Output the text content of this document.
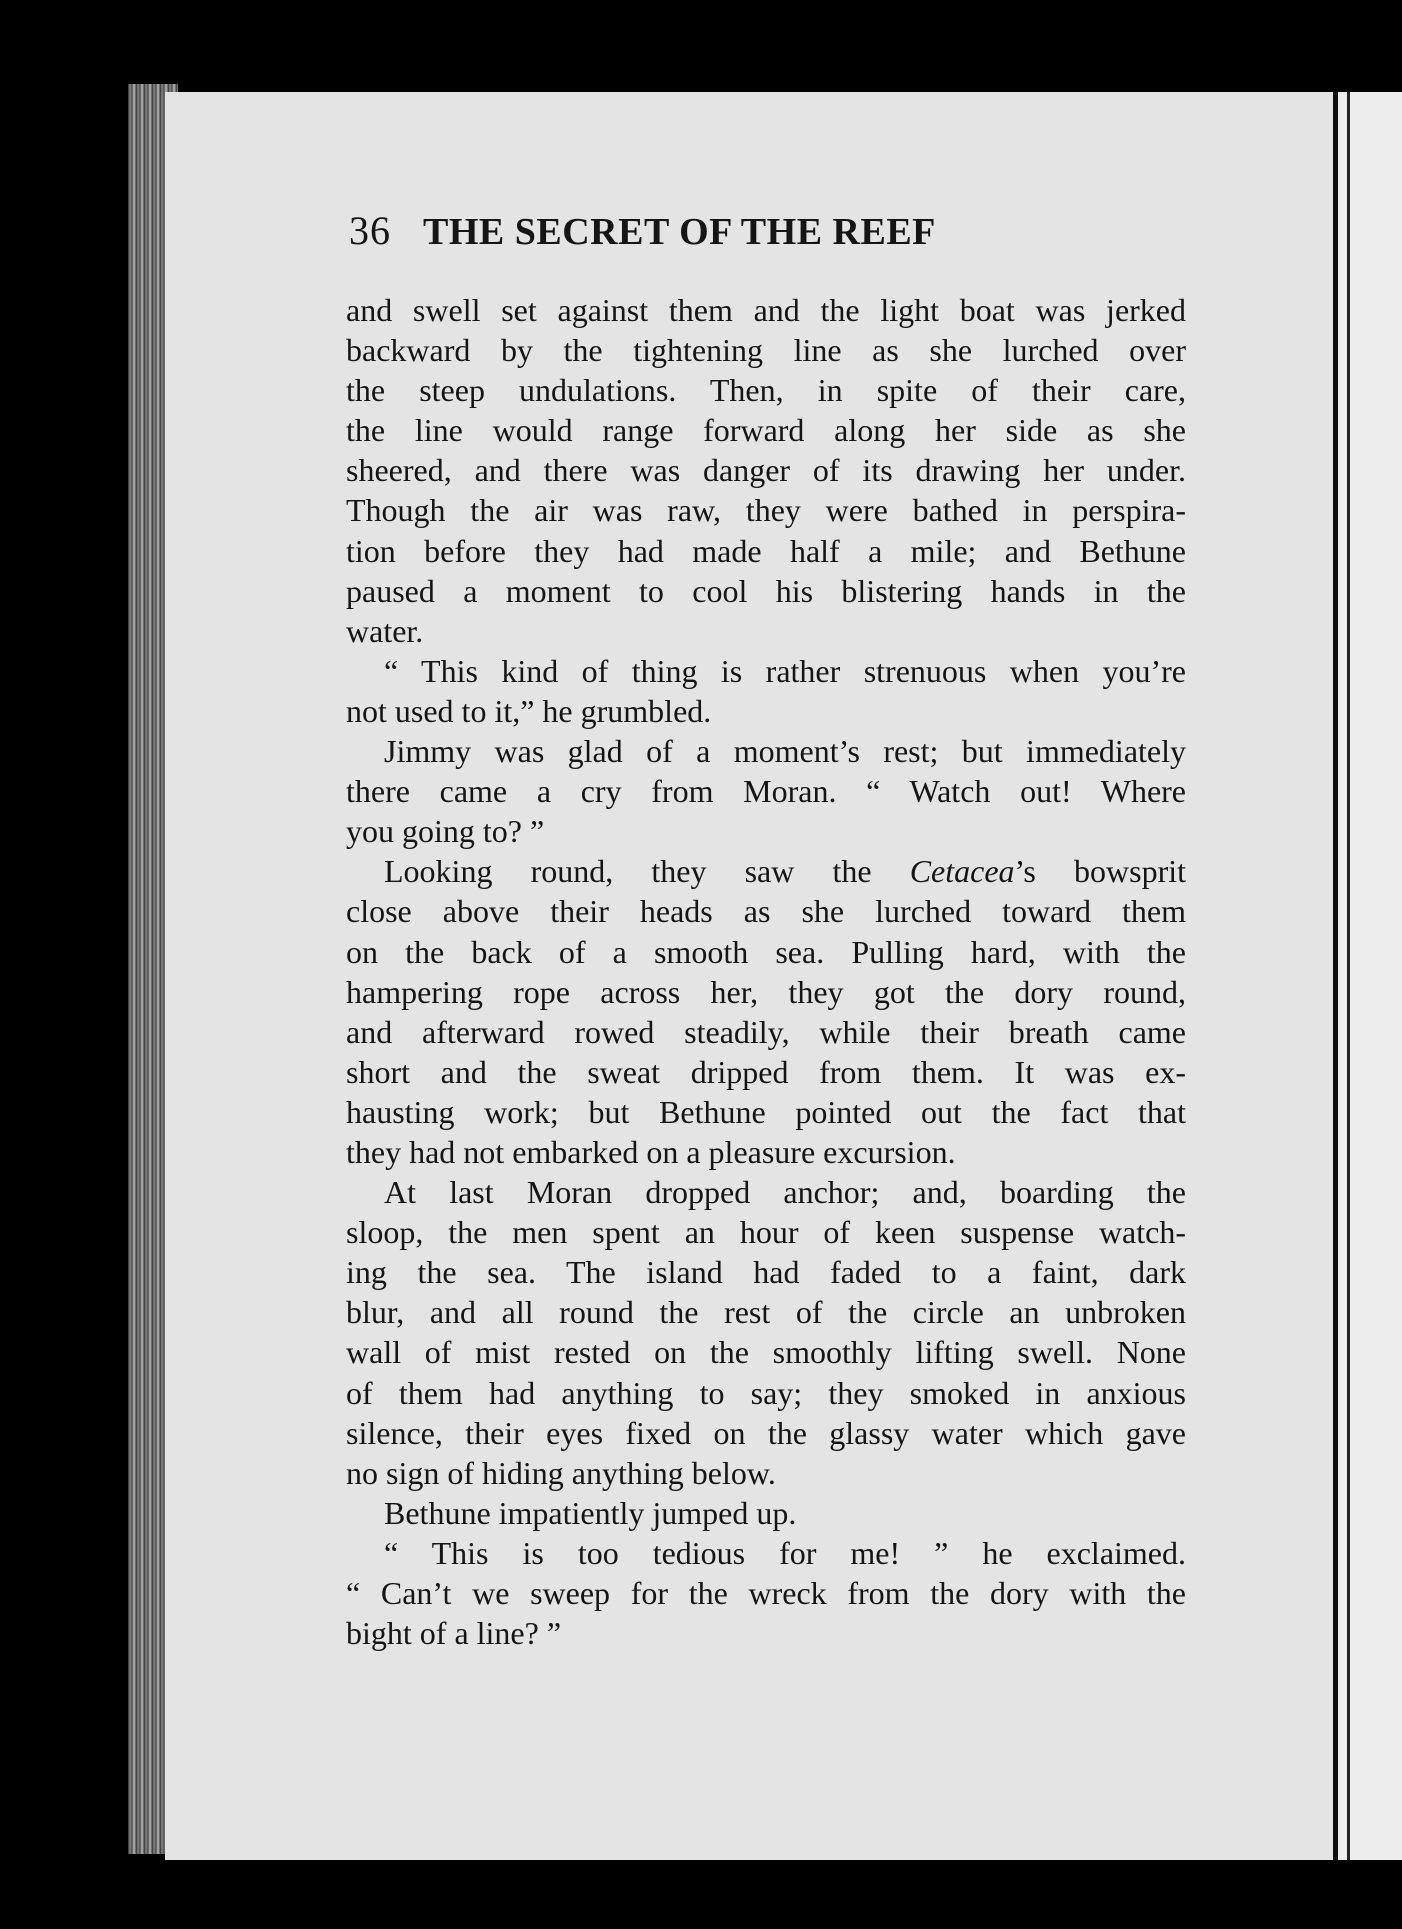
36 THE SECRET OF THE REEF
and swell set against them and the light boat was jerked
backward by the tightening line as she lurched over
the steep undulations. Then, in spite of their care,
the line would range forward along her side as she
sheered, and there was danger of its drawing her under.
Though the air was raw, they were bathed in perspira-
tion before they had made half a mile; and Bethune
paused a moment to cool his blistering hands in the
water.
“ This kind of thing is rather strenuous when you’re
not used to it,” he grumbled.
Jimmy was glad of a moment’s rest; but immediately
there came a cry from Moran. “ Watch out! Where
you going to? ”
Looking round, they saw the Cetacea’s bowsprit
close above their heads as she lurched toward them
on the back of a smooth sea. Pulling hard, with the
hampering rope across her, they got the dory round,
and afterward rowed steadily, while their breath came
short and the sweat dripped from them. It was ex-
hausting work; but Bethune pointed out the fact that
they had not embarked on a pleasure excursion.
At last Moran dropped anchor; and, boarding the
sloop, the men spent an hour of keen suspense watch-
ing the sea. The island had faded to a faint, dark
blur, and all round the rest of the circle an unbroken
wall of mist rested on the smoothly lifting swell. None
of them had anything to say; they smoked in anxious
silence, their eyes fixed on the glassy water which gave
no sign of hiding anything below.
Bethune impatiently jumped up.
“ This is too tedious for me! ” he exclaimed.
“ Can’t we sweep for the wreck from the dory with the
bight of a line? ”
